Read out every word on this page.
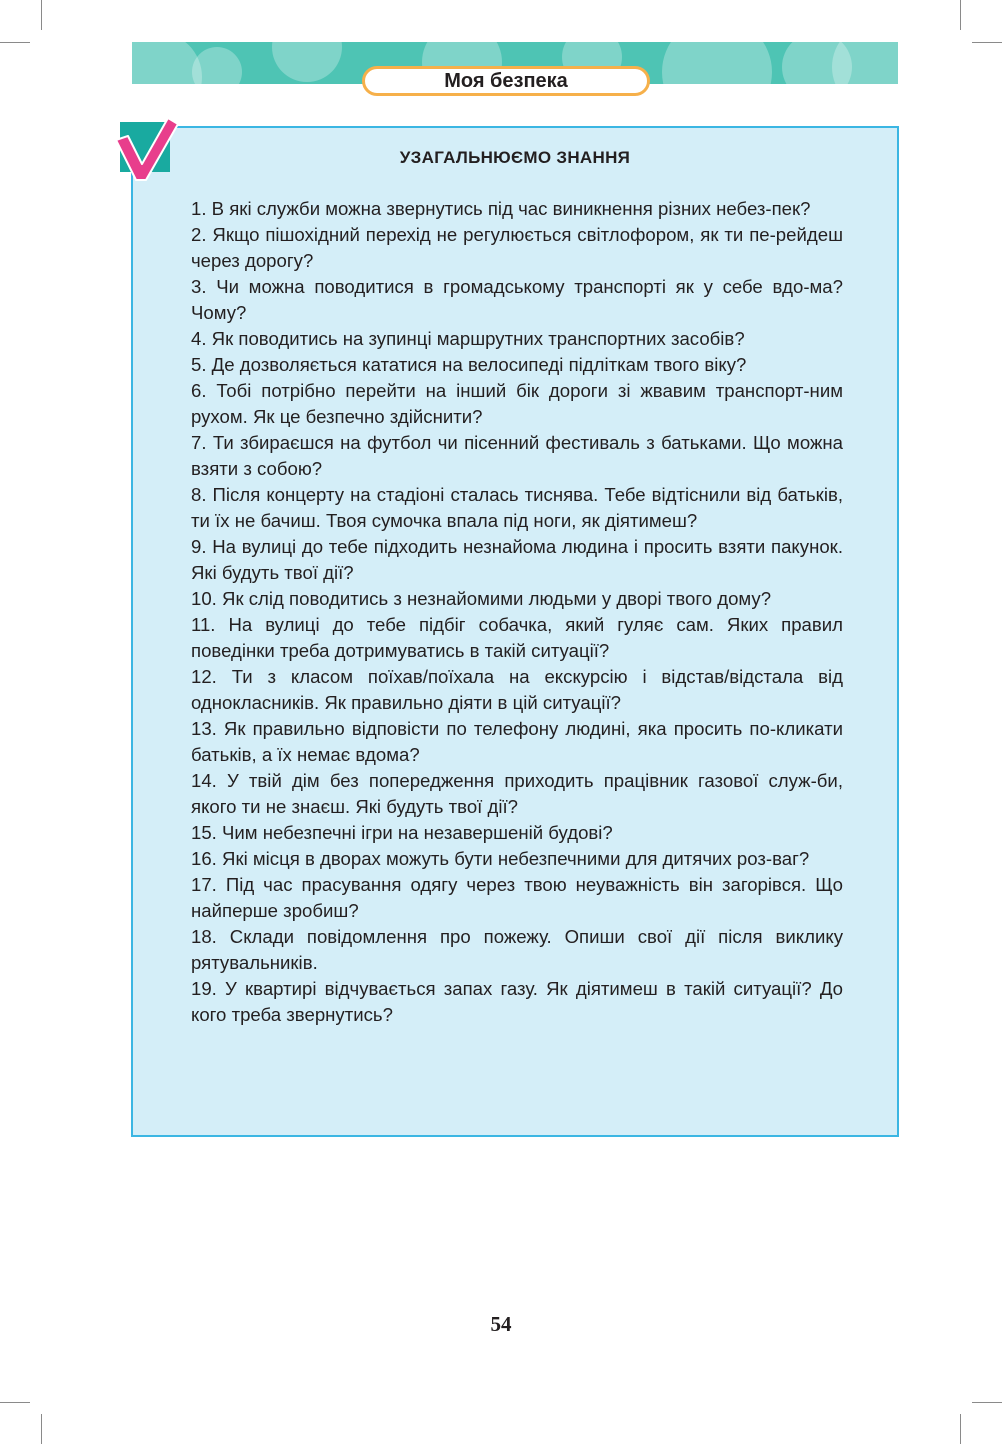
Моя безпека
УЗАГАЛЬНЮЄМО ЗНАННЯ
1. В які служби можна звернутись під час виникнення різних небез-пек?
2. Якщо пішохідний перехід не регулюється світлофором, як ти пе-рейдеш через дорогу?
3. Чи можна поводитися в громадському транспорті як у себе вдо-ма? Чому?
4. Як поводитись на зупинці маршрутних транспортних засобів?
5. Де дозволяється кататися на велосипеді підліткам твого віку?
6. Тобі потрібно перейти на інший бік дороги зі жвавим транспорт-ним рухом. Як це безпечно здійснити?
7. Ти збираєшся на футбол чи пісенний фестиваль з батьками. Що можна взяти з собою?
8. Після концерту на стадіоні сталась тиснява. Тебе відтіснили від батьків, ти їх не бачиш. Твоя сумочка впала під ноги, як діятимеш?
9. На вулиці до тебе підходить незнайома людина і просить взяти пакунок. Які будуть твої дії?
10. Як слід поводитись з незнайомими людьми у дворі твого дому?
11. На вулиці до тебе підбіг собачка, який гуляє сам. Яких правил поведінки треба дотримуватись в такій ситуації?
12. Ти з класом поїхав/поїхала на екскурсію і відстав/відстала від однокласників. Як правильно діяти в цій ситуації?
13. Як правильно відповісти по телефону людині, яка просить по-кликати батьків, а їх немає вдома?
14. У твій дім без попередження приходить працівник газової служ-би, якого ти не знаєш. Які будуть твої дії?
15. Чим небезпечні ігри на незавершеній будові?
16. Які місця в дворах можуть бути небезпечними для дитячих роз-ваг?
17. Під час прасування одягу через твою неуважність він загорівся. Що найперше зробиш?
18. Склади повідомлення про пожежу. Опиши свої дії після виклику рятувальників.
19. У квартирі відчувається запах газу. Як діятимеш в такій ситуації? До кого треба звернутись?
54
